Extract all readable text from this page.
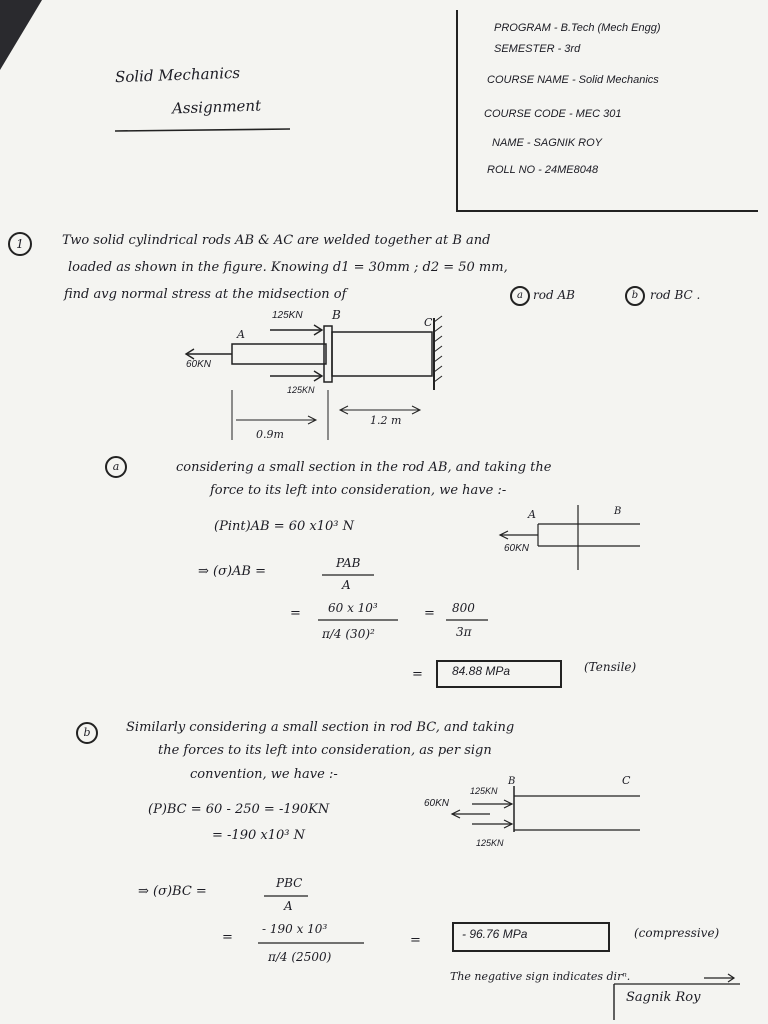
Solid Mechanics
Assignment
PROGRAM - B.Tech (Mech Engg)
SEMESTER - 3rd
COURSE NAME - Solid Mechanics
COURSE CODE - MEC 301
NAME - SAGNIK ROY
ROLL NO - 24ME8048
1	Two solid cylindrical rods AB & AC are welded together at B and
loaded as shown in the figure. Knowing d1 = 30mm ; d2 = 50 mm,
find avg normal stress at the midsection of	a rod AB	b rod BC .
125KN B
A
C
60KN
125KN
0.9m
1.2 m
a	considering a small section in the rod AB, and taking the
force to its left into consideration, we have :-
(Pint)AB = 60 x10³ N
A	B
60KN
⇒ (σ)AB =
PAB
A
= 60 x 10³
π/4 (30)²
= 800
3π
= 84.88 MPa	(Tensile)
b	Similarly considering a small section in rod BC, and taking
the forces to its left into consideration, as per sign
convention, we have :-
125KN
B	C
60KN
125KN
(P)BC = 60 - 250 = -190KN
= -190 x10³ N
⇒ (σ)BC =
PBC
A
=
- 190 x 10³
π/4 (2500)
=	- 96.76 MPa	(compressive)
The negative sign indicates dirⁿ.
Sagnik Roy
